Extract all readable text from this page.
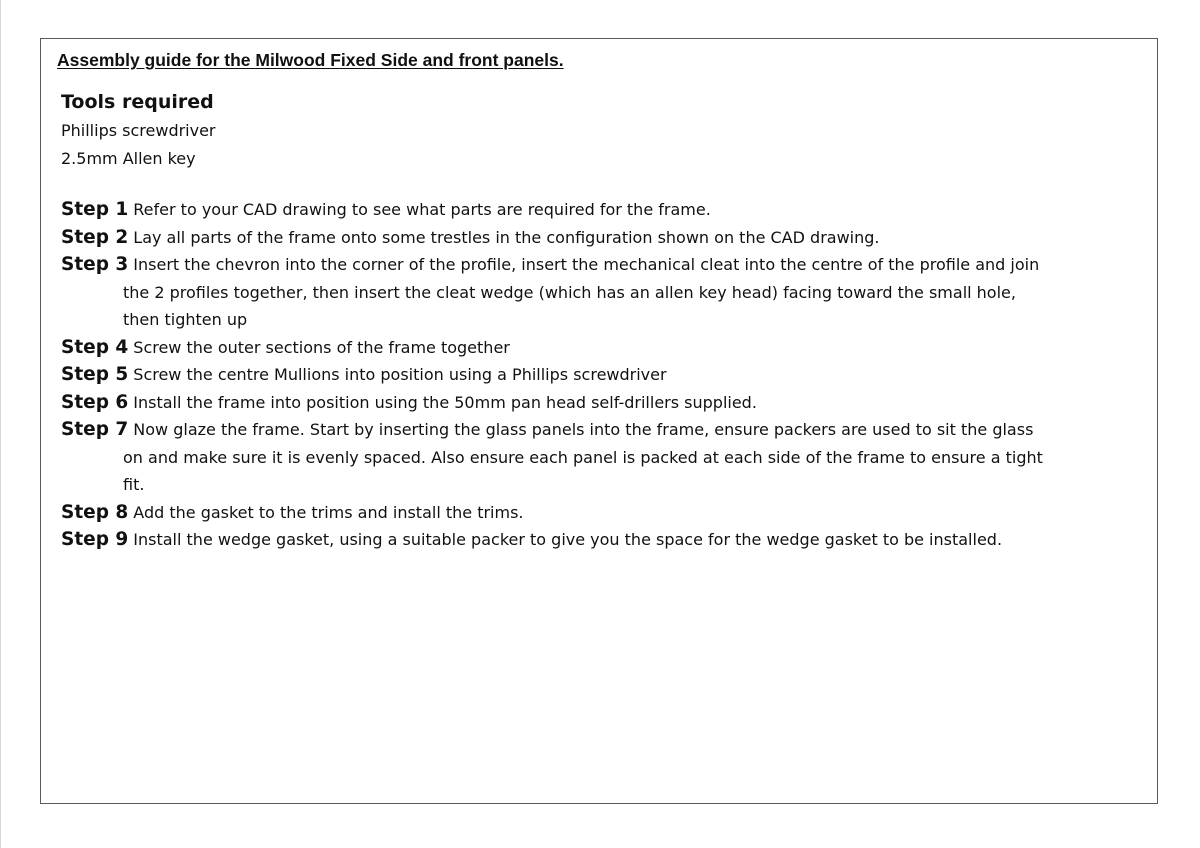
Assembly guide for the Milwood Fixed Side and front panels.
Tools required

Phillips screwdriver

2.5mm Allen key

Step 1 Refer to your CAD drawing to see what parts are required for the frame.
Step 2 Lay all parts of the frame onto some trestles in the configuration shown on the CAD drawing.
Step 3 Insert the chevron into the corner of the profile, insert the mechanical cleat into the centre of the profile and join the 2 profiles together, then insert the cleat wedge (which has an allen key head) facing toward the small hole, then tighten up
Step 4 Screw the outer sections of the frame together
Step 5 Screw the centre Mullions into position using a Phillips screwdriver
Step 6 Install the frame into position using the 50mm pan head self-drillers supplied.
Step 7 Now glaze the frame. Start by inserting the glass panels into the frame, ensure packers are used to sit the glass on and make sure it is evenly spaced. Also ensure each panel is packed at each side of the frame to ensure a tight fit.
Step 8 Add the gasket to the trims and install the trims.
Step 9 Install the wedge gasket, using a suitable packer to give you the space for the wedge gasket to be installed.
